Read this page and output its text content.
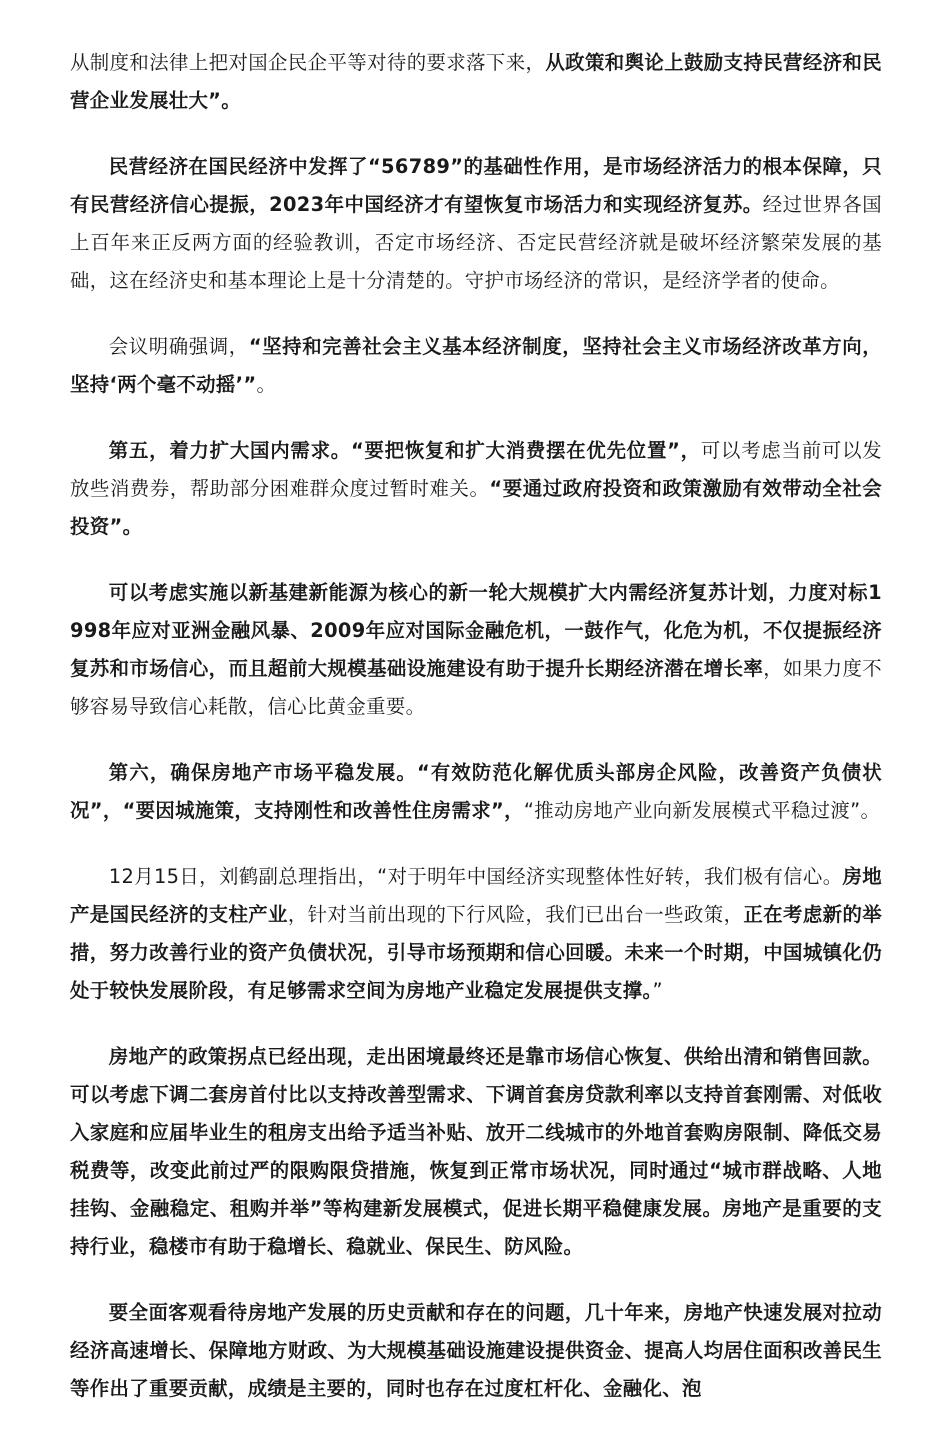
从制度和法律上把对国企民企平等对待的要求落下来，从政策和舆论上鼓励支持民营经济和民营企业发展壮大”。

民营经济在国民经济中发挥了“56789”的基础性作用，是市场经济活力的根本保障，只有民营经济信心提振，2023年中国经济才有望恢复市场活力和实现经济复苏。经过世界各国上百年来正反两方面的经验教训，否定市场经济、否定民营经济就是破坏经济繁荣发展的基础，这在经济史和基本理论上是十分清楚的。守护市场经济的常识，是经济学者的使命。

会议明确强调，“坚持和完善社会主义基本经济制度，坚持社会主义市场经济改革方向，坚持‘两个毫不动摇’”。

第五，着力扩大国内需求。“要把恢复和扩大消费摆在优先位置”，可以考虑当前可以发放些消费券，帮助部分困难群众度过暂时难关。“要通过政府投资和政策激励有效带动全社会投资”。

可以考虑实施以新基建新能源为核心的新一轮大规模扩大内需经济复苏计划，力度对标1998年应对亚洲金融风暴、2009年应对国际金融危机，一鼓作气，化危为机，不仅提振经济复苏和市场信心，而且超前大规模基础设施建设有助于提升长期经济潜在增长率，如果力度不够容易导致信心耗散，信心比黄金重要。

第六，确保房地产市场平稳发展。“有效防范化解优质头部房企风险，改善资产负债状况”，“要因城施策，支持刚性和改善性住房需求”，“推动房地产业向新发展模式平稳过渡”。

12月15日，刘鹤副总理指出，“对于明年中国经济实现整体性好转，我们极有信心。房地产是国民经济的支柱产业，针对当前出现的下行风险，我们已出台一些政策，正在考虑新的举措，努力改善行业的资产负债状况，引导市场预期和信心回暖。未来一个时期，中国城镇化仍处于较快发展阶段，有足够需求空间为房地产业稳定发展提供支撑。”

房地产的政策拐点已经出现，走出困境最终还是靠市场信心恢复、供给出清和销售回款。可以考虑下调二套房首付比以支持改善型需求、下调首套房贷款利率以支持首套刚需、对低收入家庭和应届毕业生的租房支出给予适当补贴、放开二线城市的外地首套购房限制、降低交易税费等，改变此前过严的限购限贷措施，恢复到正常市场状况，同时通过“城市群战略、人地挂钩、金融稳定、租购并举”等构建新发展模式，促进长期平稳健康发展。房地产是重要的支持行业，稳楼市有助于稳增长、稳就业、保民生、防风险。

要全面客观看待房地产发展的历史贡献和存在的问题，几十年来，房地产快速发展对拉动经济高速增长、保障地方财政、为大规模基础设施建设提供资金、提高人均居住面积改善民生等作出了重要贡献，成绩是主要的，同时也存在过度杠杆化、金融化、泡
